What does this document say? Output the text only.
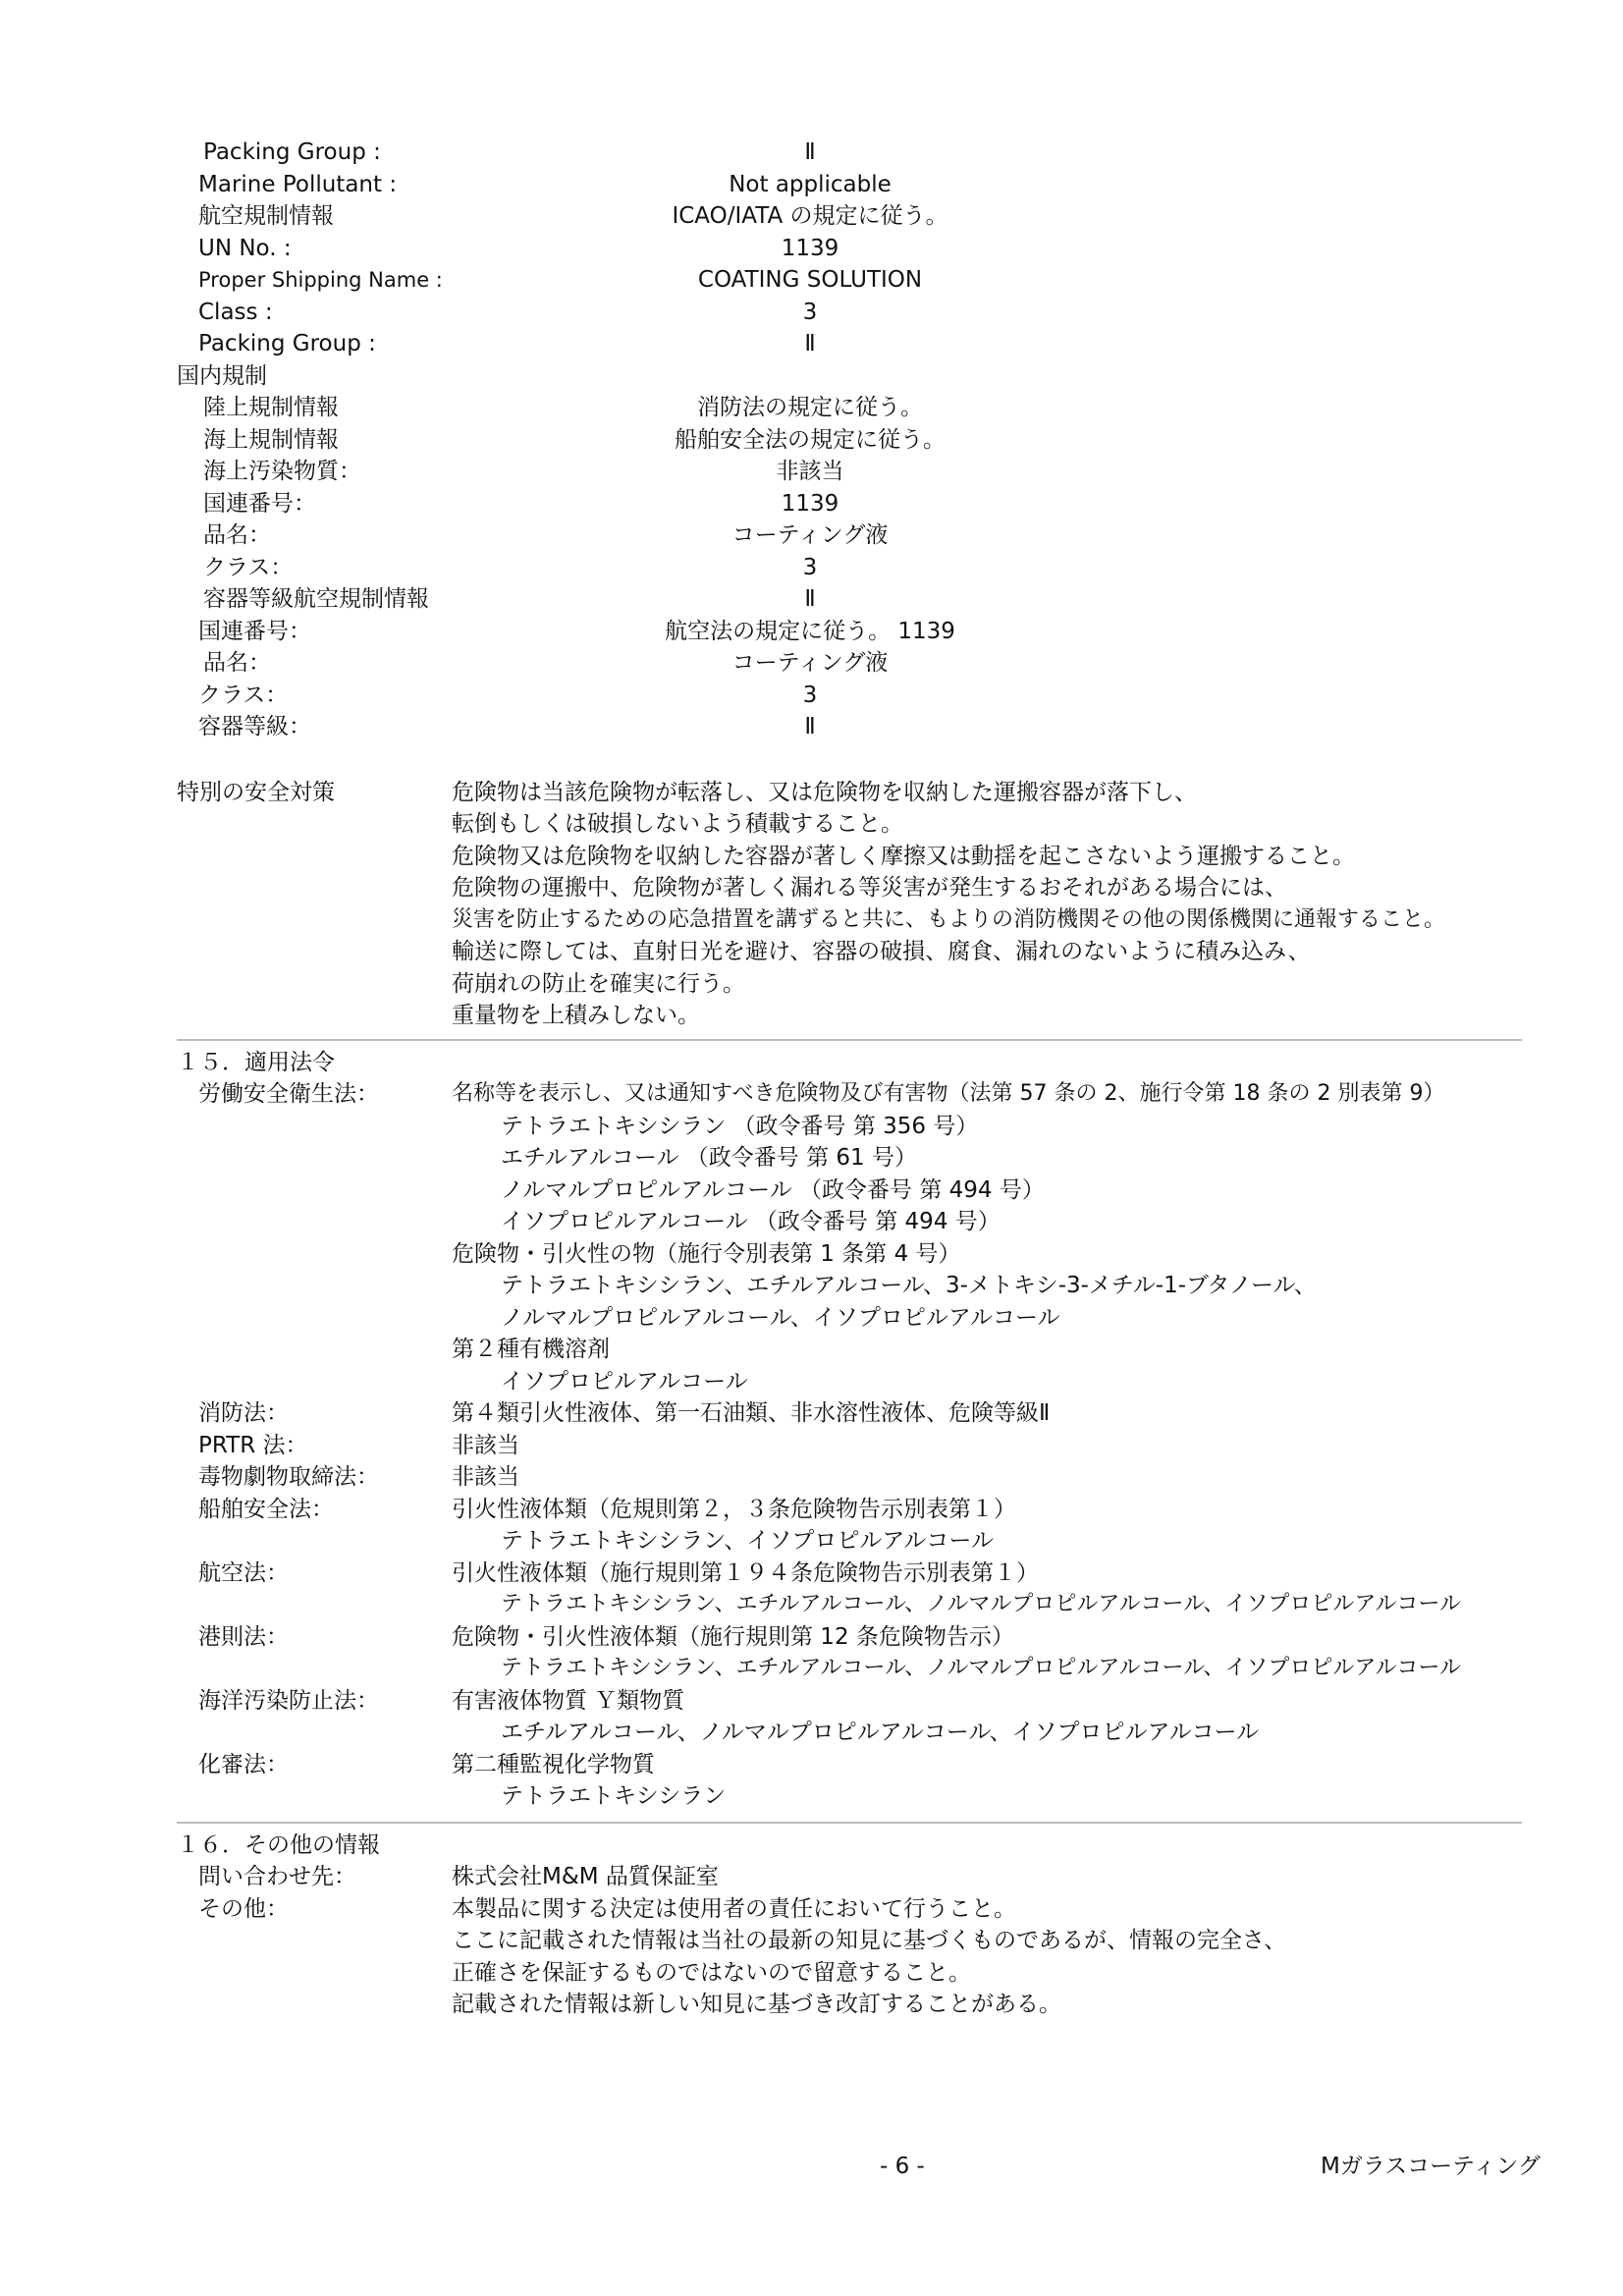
Packing Group :	Ⅱ
Marine Pollutant :	Not applicable
航空規制情報	ICAO/IATA の規定に従う。
UN No. :	1139
Proper Shipping Name :	COATING SOLUTION
Class :	3
Packing Group :	Ⅱ
国内規制
陸上規制情報	消防法の規定に従う。
海上規制情報	船舶安全法の規定に従う。
海上汚染物質：	非該当
国連番号：	1139
品名：	コーティング液
クラス：	3
容器等級航空規制情報	Ⅱ
国連番号：	航空法の規定に従う。 1139
品名：	コーティング液
クラス：	3
容器等級：	Ⅱ
特別の安全対策	危険物は当該危険物が転落し、又は危険物を収納した運搬容器が落下し、
転倒もしくは破損しないよう積載すること。
危険物又は危険物を収納した容器が著しく摩擦又は動揺を起こさないよう運搬すること。
危険物の運搬中、危険物が著しく漏れる等災害が発生するおそれがある場合には、
災害を防止するための応急措置を講ずると共に、もよりの消防機関その他の関係機関に通報すること。
輸送に際しては、直射日光を避け、容器の破損、腐食、漏れのないように積み込み、
荷崩れの防止を確実に行う。
重量物を上積みしない。
１５．適用法令
労働安全衛生法：	名称等を表示し、又は通知すべき危険物及び有害物（法第 57 条の 2、施行令第 18 条の 2 別表第 9）
テトラエトキシシラン （政令番号 第 356 号）
エチルアルコール （政令番号 第 61 号）
ノルマルプロピルアルコール （政令番号 第 494 号）
イソプロピルアルコール （政令番号 第 494 号）
危険物・引火性の物（施行令別表第 1 条第 4 号）
テトラエトキシシラン、エチルアルコール、3-メトキシ-3-メチル-1-ブタノール、
ノルマルプロピルアルコール、イソプロピルアルコール
第２種有機溶剤
イソプロピルアルコール
消防法：	第４類引火性液体、第一石油類、非水溶性液体、危険等級Ⅱ
PRTR 法：	非該当
毒物劇物取締法：	非該当
船舶安全法：	引火性液体類（危規則第２，３条危険物告示別表第１）
テトラエトキシシラン、イソプロピルアルコール
航空法：	引火性液体類（施行規則第１９４条危険物告示別表第１）
テトラエトキシシラン、エチルアルコール、ノルマルプロピルアルコール、イソプロピルアルコール
港則法：	危険物・引火性液体類（施行規則第 12 条危険物告示）
テトラエトキシシラン、エチルアルコール、ノルマルプロピルアルコール、イソプロピルアルコール
海洋汚染防止法：	有害液体物質 Ｙ類物質
エチルアルコール、ノルマルプロピルアルコール、イソプロピルアルコール
化審法：	第二種監視化学物質
テトラエトキシシラン
１６．その他の情報
問い合わせ先：	株式会社M&M 品質保証室
その他：	本製品に関する決定は使用者の責任において行うこと。
ここに記載された情報は当社の最新の知見に基づくものであるが、情報の完全さ、
正確さを保証するものではないので留意すること。
記載された情報は新しい知見に基づき改訂することがある。
- 6 -	Mガラスコーティング
